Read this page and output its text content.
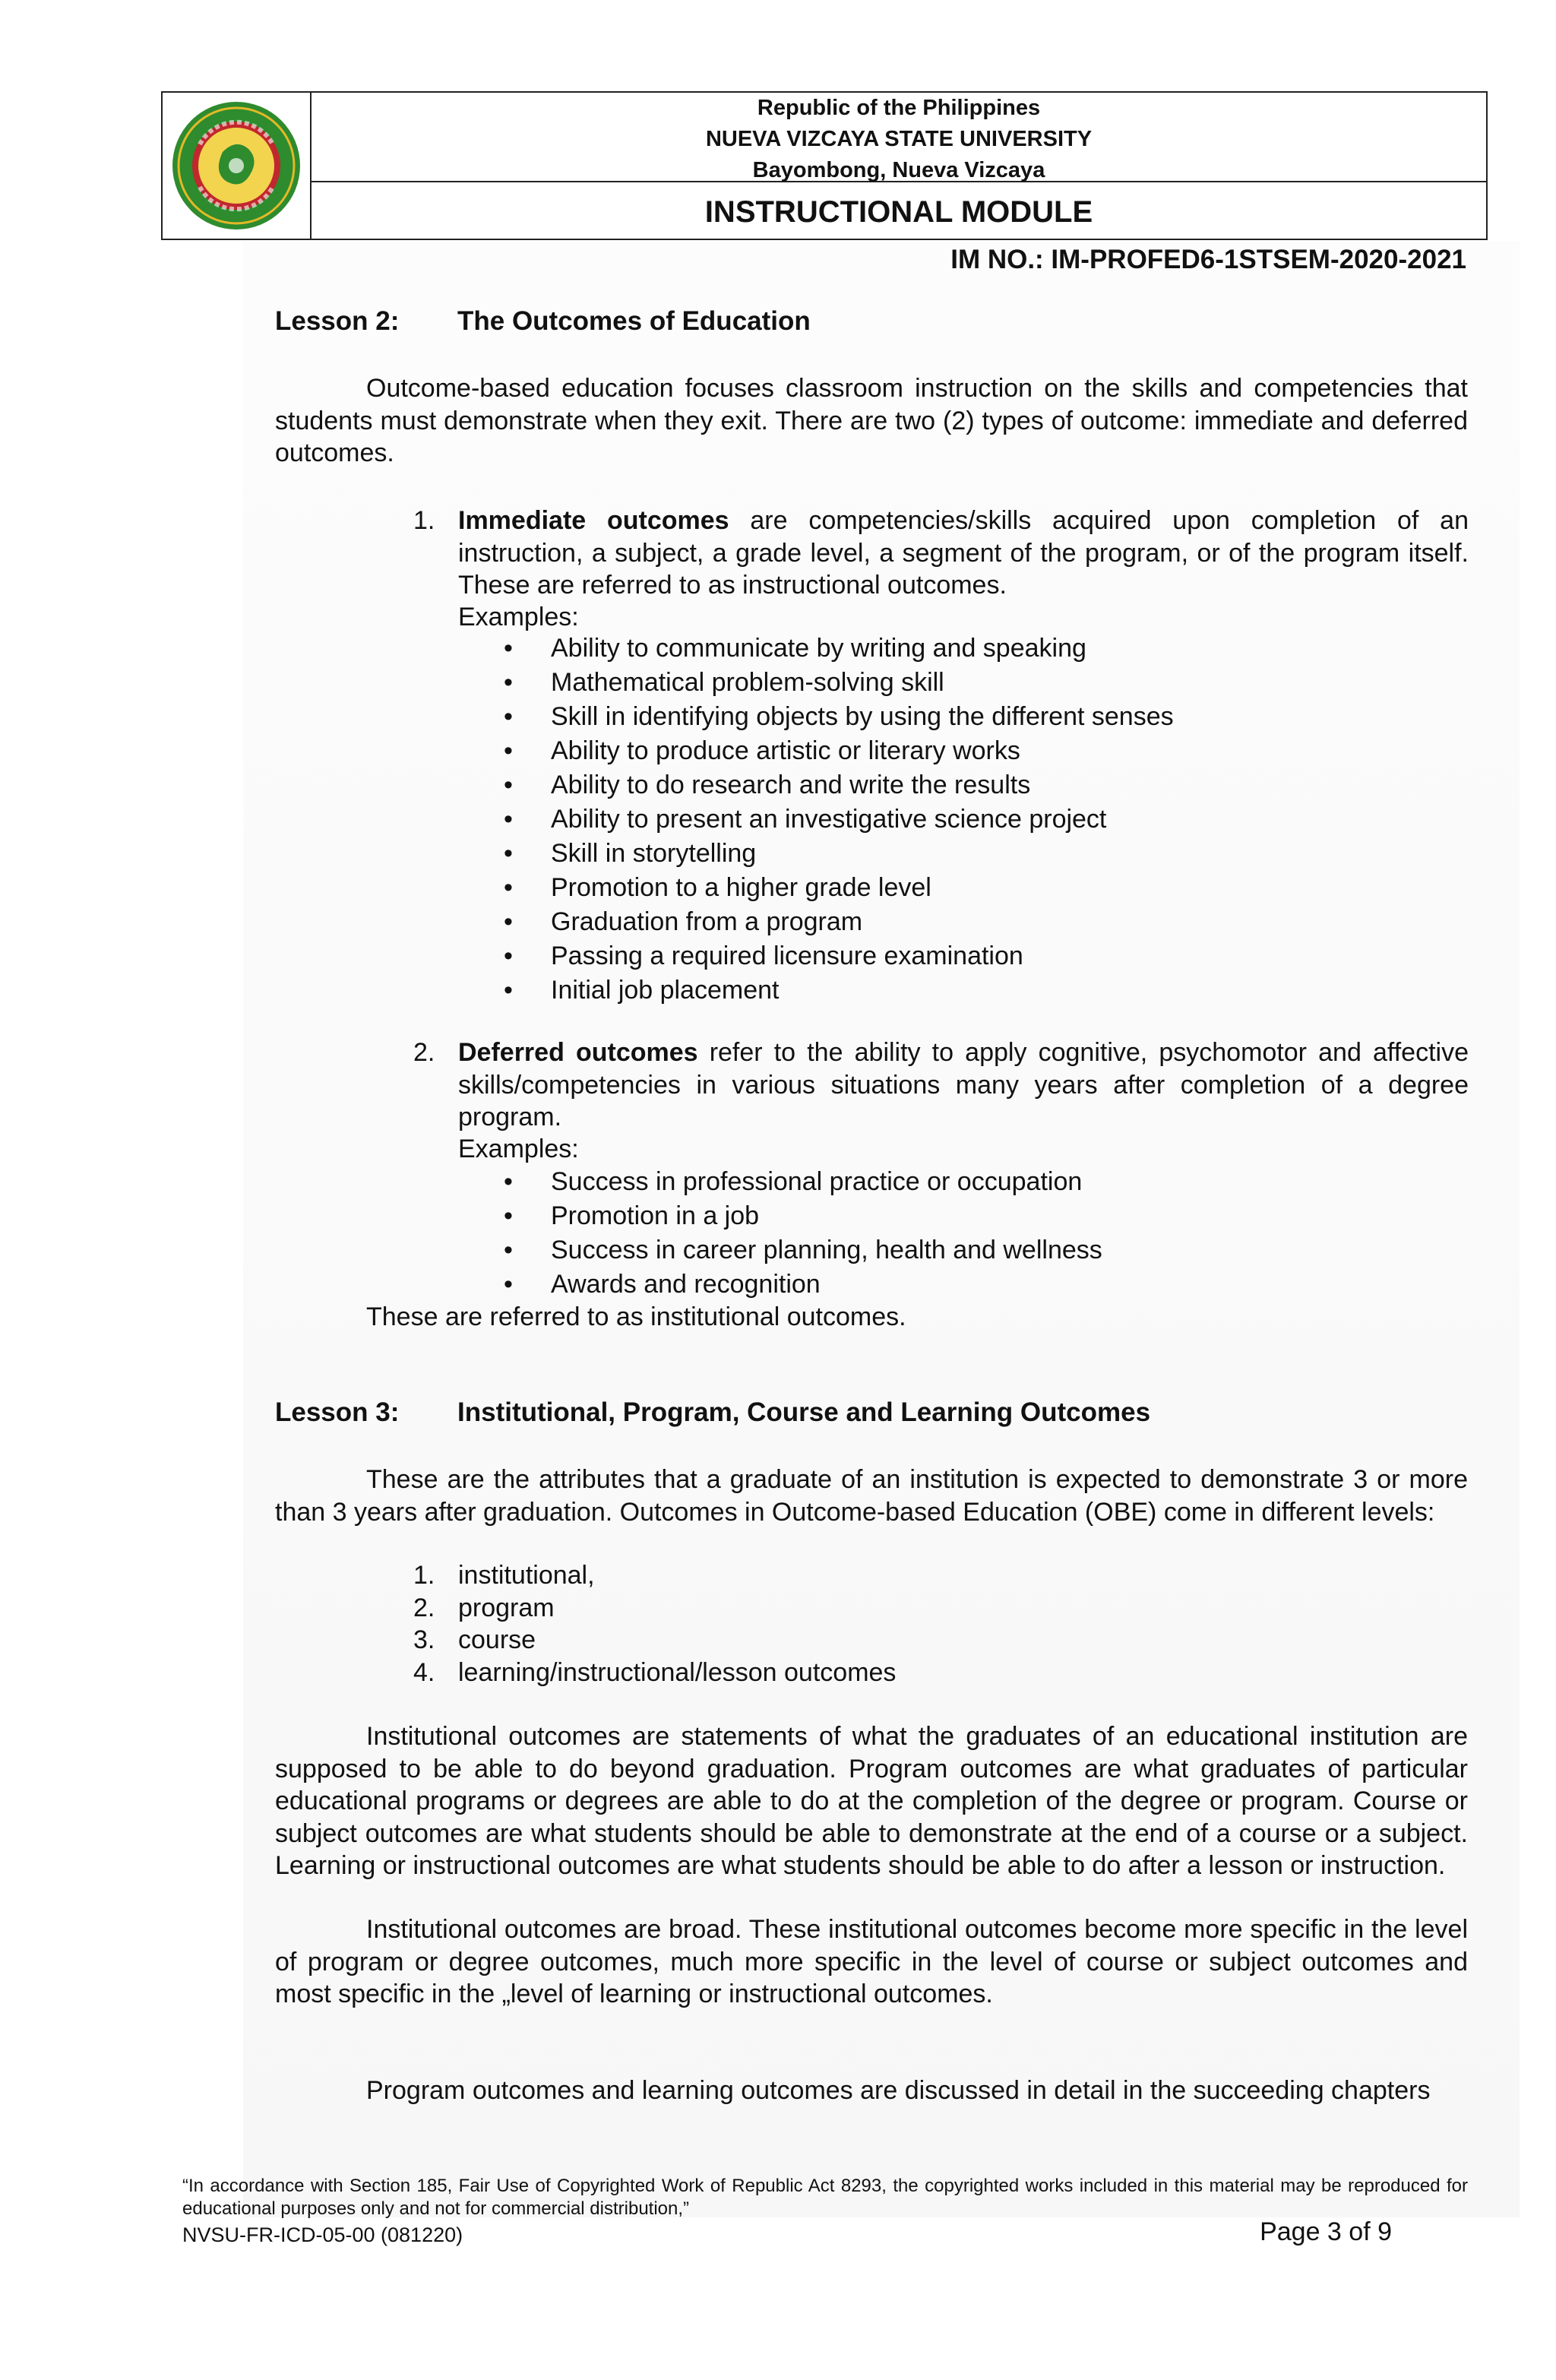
Republic of the Philippines
NUEVA VIZCAYA STATE UNIVERSITY
Bayombong, Nueva Vizcaya
INSTRUCTIONAL MODULE
IM NO.: IM-PROFED6-1STSEM-2020-2021
Lesson 2: The Outcomes of Education
Outcome-based education focuses classroom instruction on the skills and competencies that students must demonstrate when they exit. There are two (2) types of outcome: immediate and deferred outcomes.
1. Immediate outcomes are competencies/skills acquired upon completion of an instruction, a subject, a grade level, a segment of the program, or of the program itself. These are referred to as instructional outcomes.
Examples:
• Ability to communicate by writing and speaking
• Mathematical problem-solving skill
• Skill in identifying objects by using the different senses
• Ability to produce artistic or literary works
• Ability to do research and write the results
• Ability to present an investigative science project
• Skill in storytelling
• Promotion to a higher grade level
• Graduation from a program
• Passing a required licensure examination
• Initial job placement
2. Deferred outcomes refer to the ability to apply cognitive, psychomotor and affective skills/competencies in various situations many years after completion of a degree program.
Examples:
• Success in professional practice or occupation
• Promotion in a job
• Success in career planning, health and wellness
• Awards and recognition
These are referred to as institutional outcomes.
Lesson 3: Institutional, Program, Course and Learning Outcomes
These are the attributes that a graduate of an institution is expected to demonstrate 3 or more than 3 years after graduation. Outcomes in Outcome-based Education (OBE) come in different levels:
1. institutional,
2. program
3. course
4. learning/instructional/lesson outcomes
Institutional outcomes are statements of what the graduates of an educational institution are supposed to be able to do beyond graduation. Program outcomes are what graduates of particular educational programs or degrees are able to do at the completion of the degree or program. Course or subject outcomes are what students should be able to demonstrate at the end of a course or a subject. Learning or instructional outcomes are what students should be able to do after a lesson or instruction.
Institutional outcomes are broad. These institutional outcomes become more specific in the level of program or degree outcomes, much more specific in the level of course or subject outcomes and most specific in the „level of learning or instructional outcomes.
Program outcomes and learning outcomes are discussed in detail in the succeeding chapters
“In accordance with Section 185, Fair Use of Copyrighted Work of Republic Act 8293, the copyrighted works included in this material may be reproduced for educational purposes only and not for commercial distribution,”
NVSU-FR-ICD-05-00 (081220)	Page 3 of 9
